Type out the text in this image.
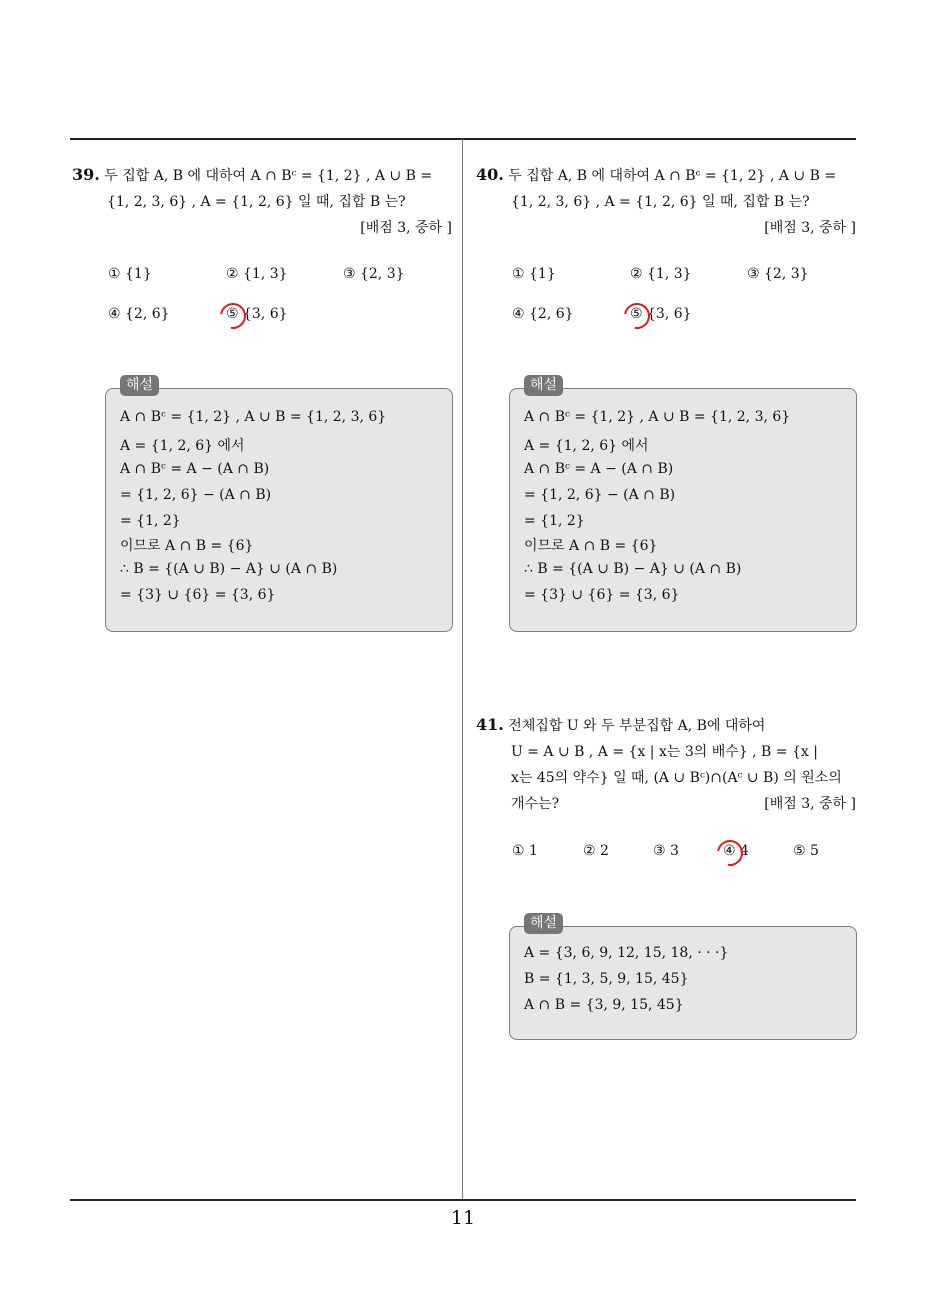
11
39. 두 집합 A, B 에 대하여 A ∩ Bᶜ = {1, 2} , A ∪ B =
{1, 2, 3, 6} , A = {1, 2, 6} 일 때, 집합 B 는?
[배점 3, 중하 ]
① {1}	② {1, 3}	③ {2, 3}
④ {2, 6}	⑤ {3, 6}
해설
A ∩ Bᶜ = {1, 2} , A ∪ B = {1, 2, 3, 6}
A = {1, 2, 6} 에서
A ∩ Bᶜ = A − (A ∩ B)
= {1, 2, 6} − (A ∩ B)
= {1, 2}
이므로 A ∩ B = {6}
∴ B = {(A ∪ B) − A} ∪ (A ∩ B)
= {3} ∪ {6} = {3, 6}
40. 두 집합 A, B 에 대하여 A ∩ Bᶜ = {1, 2} , A ∪ B =
{1, 2, 3, 6} , A = {1, 2, 6} 일 때, 집합 B 는?
[배점 3, 중하 ]
① {1}	② {1, 3}	③ {2, 3}
④ {2, 6}	⑤ {3, 6}
해설
A ∩ Bᶜ = {1, 2} , A ∪ B = {1, 2, 3, 6}
A = {1, 2, 6} 에서
A ∩ Bᶜ = A − (A ∩ B)
= {1, 2, 6} − (A ∩ B)
= {1, 2}
이므로 A ∩ B = {6}
∴ B = {(A ∪ B) − A} ∪ (A ∩ B)
= {3} ∪ {6} = {3, 6}
41. 전체집합 U 와 두 부분집합 A, B에 대하여
U = A ∪ B , A = {x | x는 3의 배수} , B = {x |
x는 45의 약수} 일 때, (A ∪ Bᶜ)∩(Aᶜ ∪ B) 의 원소의
개수는?	[배점 3, 중하 ]
① 1	② 2	③ 3	④ 4	⑤ 5
해설
A = {3, 6, 9, 12, 15, 18, · · ·}
B = {1, 3, 5, 9, 15, 45}
A ∩ B = {3, 9, 15, 45}
